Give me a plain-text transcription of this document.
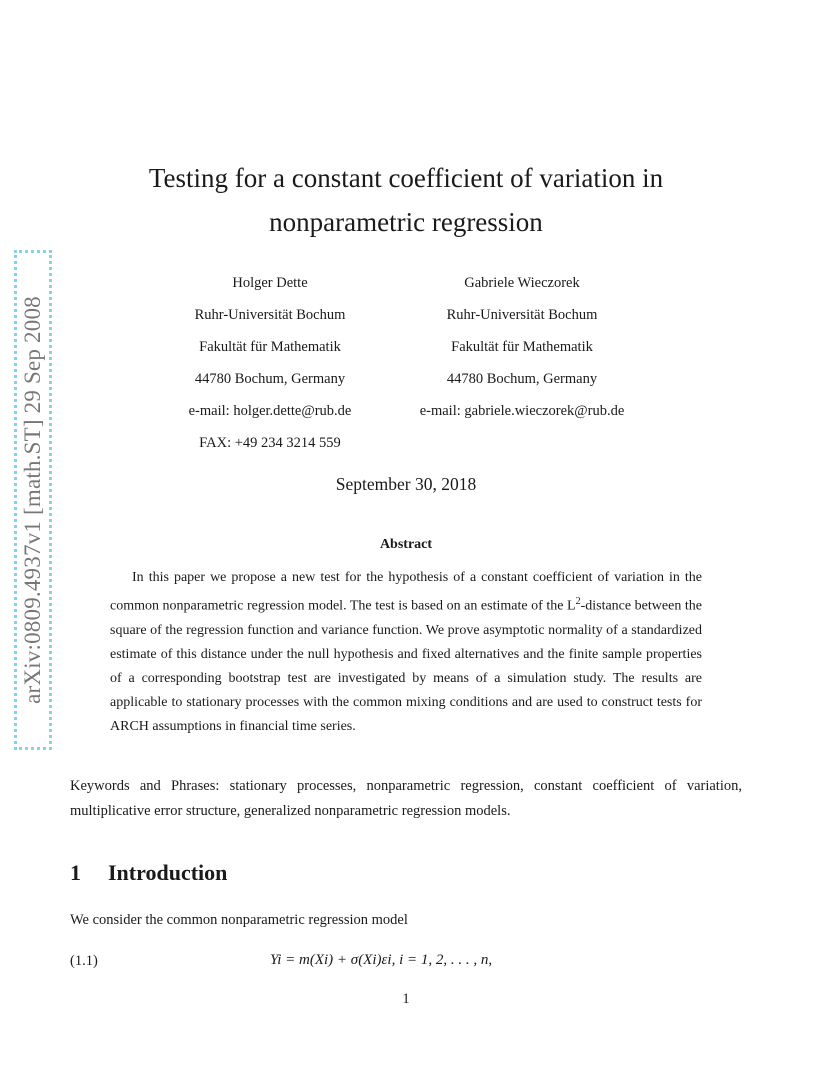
arXiv:0809.4937v1 [math.ST] 29 Sep 2008
Testing for a constant coefficient of variation in
nonparametric regression
Holger Dette
Ruhr-Universität Bochum
Fakultät für Mathematik
44780 Bochum, Germany
e-mail: holger.dette@rub.de
FAX: +49 234 3214 559
Gabriele Wieczorek
Ruhr-Universität Bochum
Fakultät für Mathematik
44780 Bochum, Germany
e-mail: gabriele.wieczorek@rub.de
September 30, 2018
Abstract
In this paper we propose a new test for the hypothesis of a constant coefficient of variation in the common nonparametric regression model. The test is based on an estimate of the $L^2$-distance between the square of the regression function and variance function. We prove asymptotic normality of a standardized estimate of this distance under the null hypothesis and fixed alternatives and the finite sample properties of a corresponding bootstrap test are investigated by means of a simulation study. The results are applicable to stationary processes with the common mixing conditions and are used to construct tests for ARCH assumptions in financial time series.
Keywords and Phrases: stationary processes, nonparametric regression, constant coefficient of variation, multiplicative error structure, generalized nonparametric regression models.
1 Introduction
We consider the common nonparametric regression model
(1.1)	Yi = m(Xi) + σ(Xi)εi, i = 1, 2, . . . , n,
1
